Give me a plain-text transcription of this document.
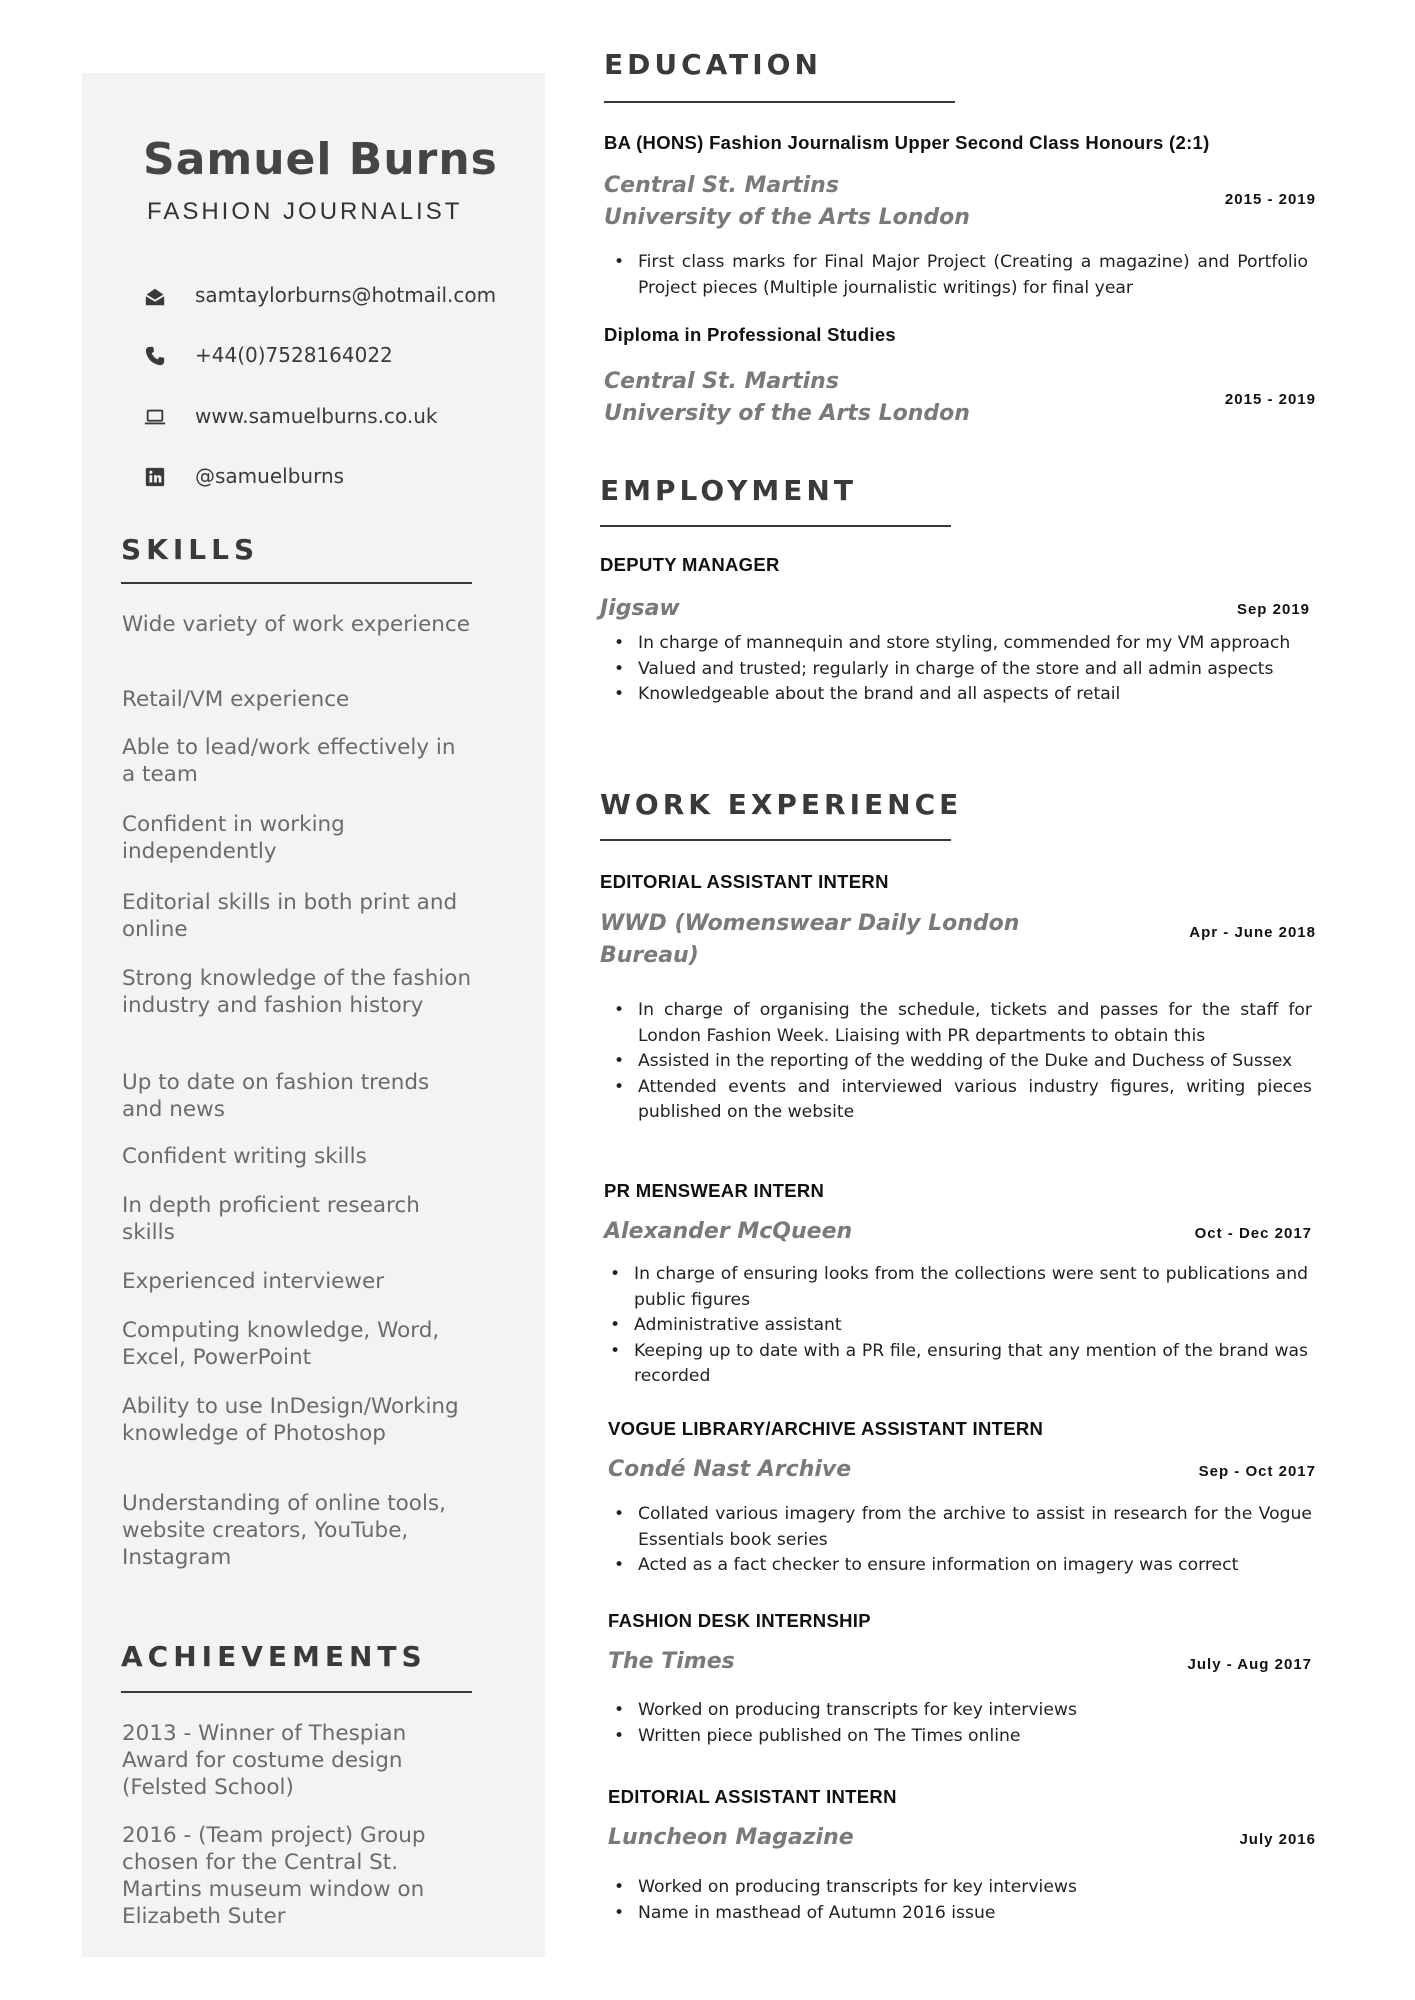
Samuel Burns
FASHION JOURNALIST
samtaylorburns@hotmail.com
+44(0)7528164022
www.samuelburns.co.uk
@samuelburns
SKILLS
Wide variety of work experience
Retail/VM experience
Able to lead/work effectively in a team
Confident in working independently
Editorial skills in both print and online
Strong knowledge of the fashion industry and fashion history
Up to date on fashion trends and news
Confident writing skills
In depth proficient research skills
Experienced interviewer
Computing knowledge, Word, Excel, PowerPoint
Ability to use InDesign/Working knowledge of Photoshop
Understanding of online tools, website creators, YouTube, Instagram
ACHIEVEMENTS
2013 - Winner of Thespian Award for costume design (Felsted School)
2016 - (Team project) Group chosen for the Central St. Martins museum window on Elizabeth Suter
EDUCATION
BA (HONS) Fashion Journalism Upper Second Class Honours (2:1)
Central St. Martins
University of the Arts London
2015 - 2019
• First class marks for Final Major Project (Creating a magazine) and Portfolio Project pieces (Multiple journalistic writings) for final year
Diploma in Professional Studies
Central St. Martins
University of the Arts London
2015 - 2019
EMPLOYMENT
DEPUTY MANAGER
Jigsaw	Sep 2019
• In charge of mannequin and store styling, commended for my VM approach
• Valued and trusted; regularly in charge of the store and all admin aspects
• Knowledgeable about the brand and all aspects of retail
WORK EXPERIENCE
EDITORIAL ASSISTANT INTERN
WWD (Womenswear Daily London Bureau)
Apr - June 2018
• In charge of organising the schedule, tickets and passes for the staff for London Fashion Week. Liaising with PR departments to obtain this
• Assisted in the reporting of the wedding of the Duke and Duchess of Sussex
• Attended events and interviewed various industry figures, writing pieces published on the website
PR MENSWEAR INTERN
Alexander McQueen	Oct - Dec 2017
• In charge of ensuring looks from the collections were sent to publications and public figures
• Administrative assistant
• Keeping up to date with a PR file, ensuring that any mention of the brand was recorded
VOGUE LIBRARY/ARCHIVE ASSISTANT INTERN
Condé Nast Archive	Sep - Oct 2017
• Collated various imagery from the archive to assist in research for the Vogue Essentials book series
• Acted as a fact checker to ensure information on imagery was correct
FASHION DESK INTERNSHIP
The Times	July - Aug 2017
• Worked on producing transcripts for key interviews
• Written piece published on The Times online
EDITORIAL ASSISTANT INTERN
Luncheon Magazine	July 2016
• Worked on producing transcripts for key interviews
• Name in masthead of Autumn 2016 issue
